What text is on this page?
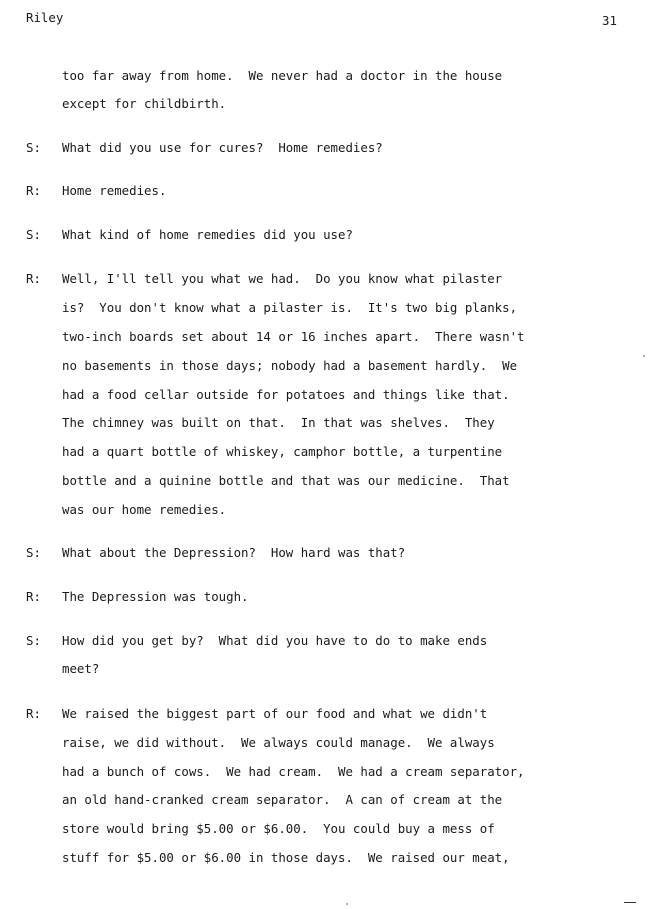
Riley	31
too far away from home.  We never had a doctor in the house
except for childbirth.
S: What did you use for cures?  Home remedies?
R: Home remedies.
S: What kind of home remedies did you use?
R: Well, I'll tell you what we had.  Do you know what pilaster
is?  You don't know what a pilaster is.  It's two big planks,
two-inch boards set about 14 or 16 inches apart.  There wasn't
no basements in those days; nobody had a basement hardly.  We
had a food cellar outside for potatoes and things like that.
The chimney was built on that.  In that was shelves.  They
had a quart bottle of whiskey, camphor bottle, a turpentine
bottle and a quinine bottle and that was our medicine.  That
was our home remedies.
S: What about the Depression?  How hard was that?
R: The Depression was tough.
S: How did you get by?  What did you have to do to make ends
meet?
R: We raised the biggest part of our food and what we didn't
raise, we did without.  We always could manage.  We always
had a bunch of cows.  We had cream.  We had a cream separator,
an old hand-cranked cream separator.  A can of cream at the
store would bring $5.00 or $6.00.  You could buy a mess of
stuff for $5.00 or $6.00 in those days.  We raised our meat,
